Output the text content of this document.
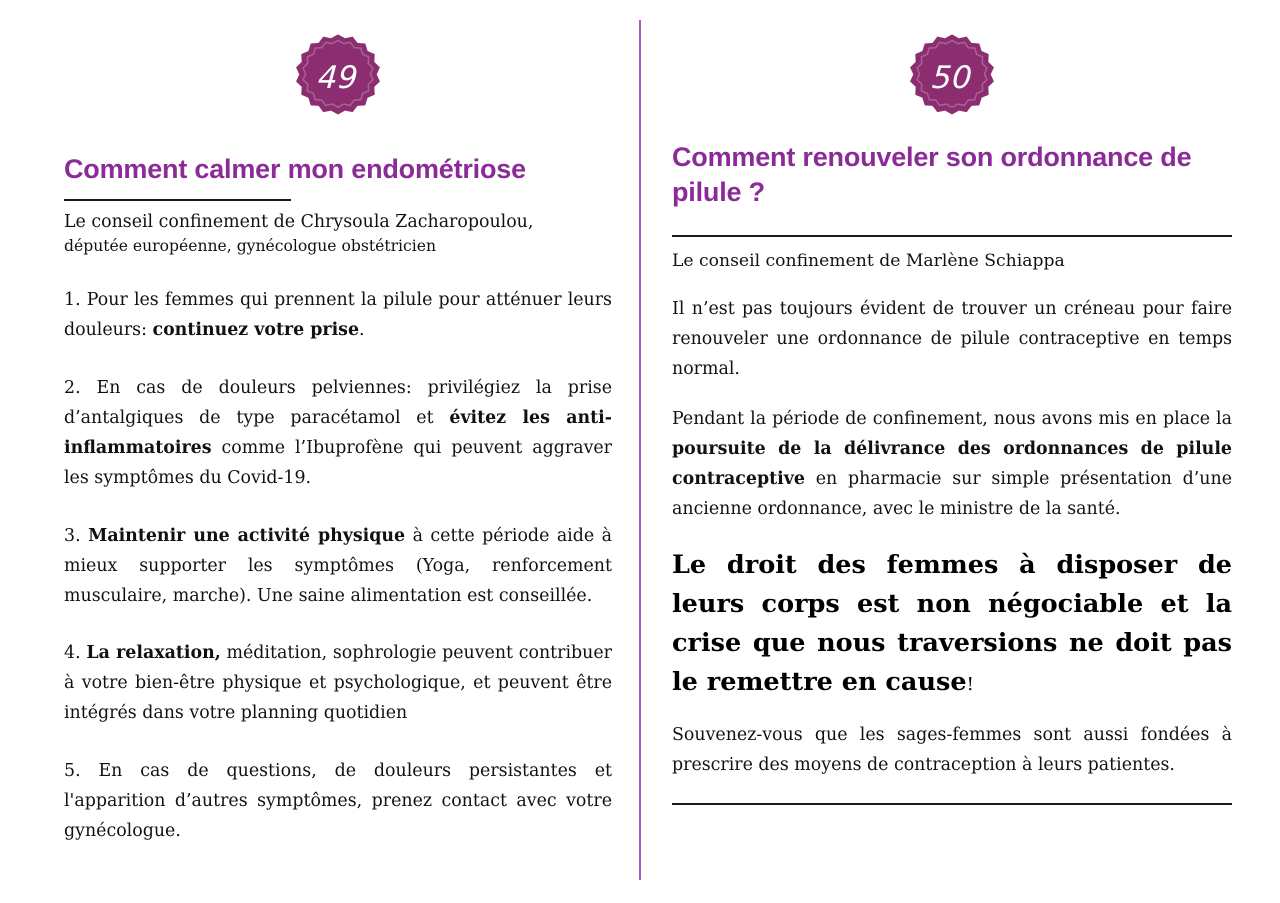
49
Comment calmer mon endométriose

Le conseil confinement de Chrysoula Zacharopoulou,
députée européenne, gynécologue obstétricien

1. Pour les femmes qui prennent la pilule pour atténuer leurs douleurs: continuez votre prise.

2. En cas de douleurs pelviennes: privilégiez la prise d’antalgiques de type paracétamol et évitez les anti-inflammatoires comme l’Ibuprofène qui peuvent aggraver les symptômes du Covid-19.

3. Maintenir une activité physique à cette période aide à mieux supporter les symptômes (Yoga, renforcement musculaire, marche). Une saine alimentation est conseillée.

4. La relaxation, méditation, sophrologie peuvent contribuer à votre bien-être physique et psychologique, et peuvent être intégrés dans votre planning quotidien

5. En cas de questions, de douleurs persistantes et l'apparition d’autres symptômes, prenez contact avec votre gynécologue.

50
Comment renouveler son ordonnance de pilule ?

Le conseil confinement de Marlène Schiappa

Il n’est pas toujours évident de trouver un créneau pour faire renouveler une ordonnance de pilule contraceptive en temps normal.

Pendant la période de confinement, nous avons mis en place la poursuite de la délivrance des ordonnances de pilule contraceptive en pharmacie sur simple présentation d’une ancienne ordonnance, avec le ministre de la santé.

Le droit des femmes à disposer de leurs corps est non négociable et la crise que nous traversions ne doit pas le remettre en cause!

Souvenez-vous que les sages-femmes sont aussi fondées à prescrire des moyens de contraception à leurs patientes.
